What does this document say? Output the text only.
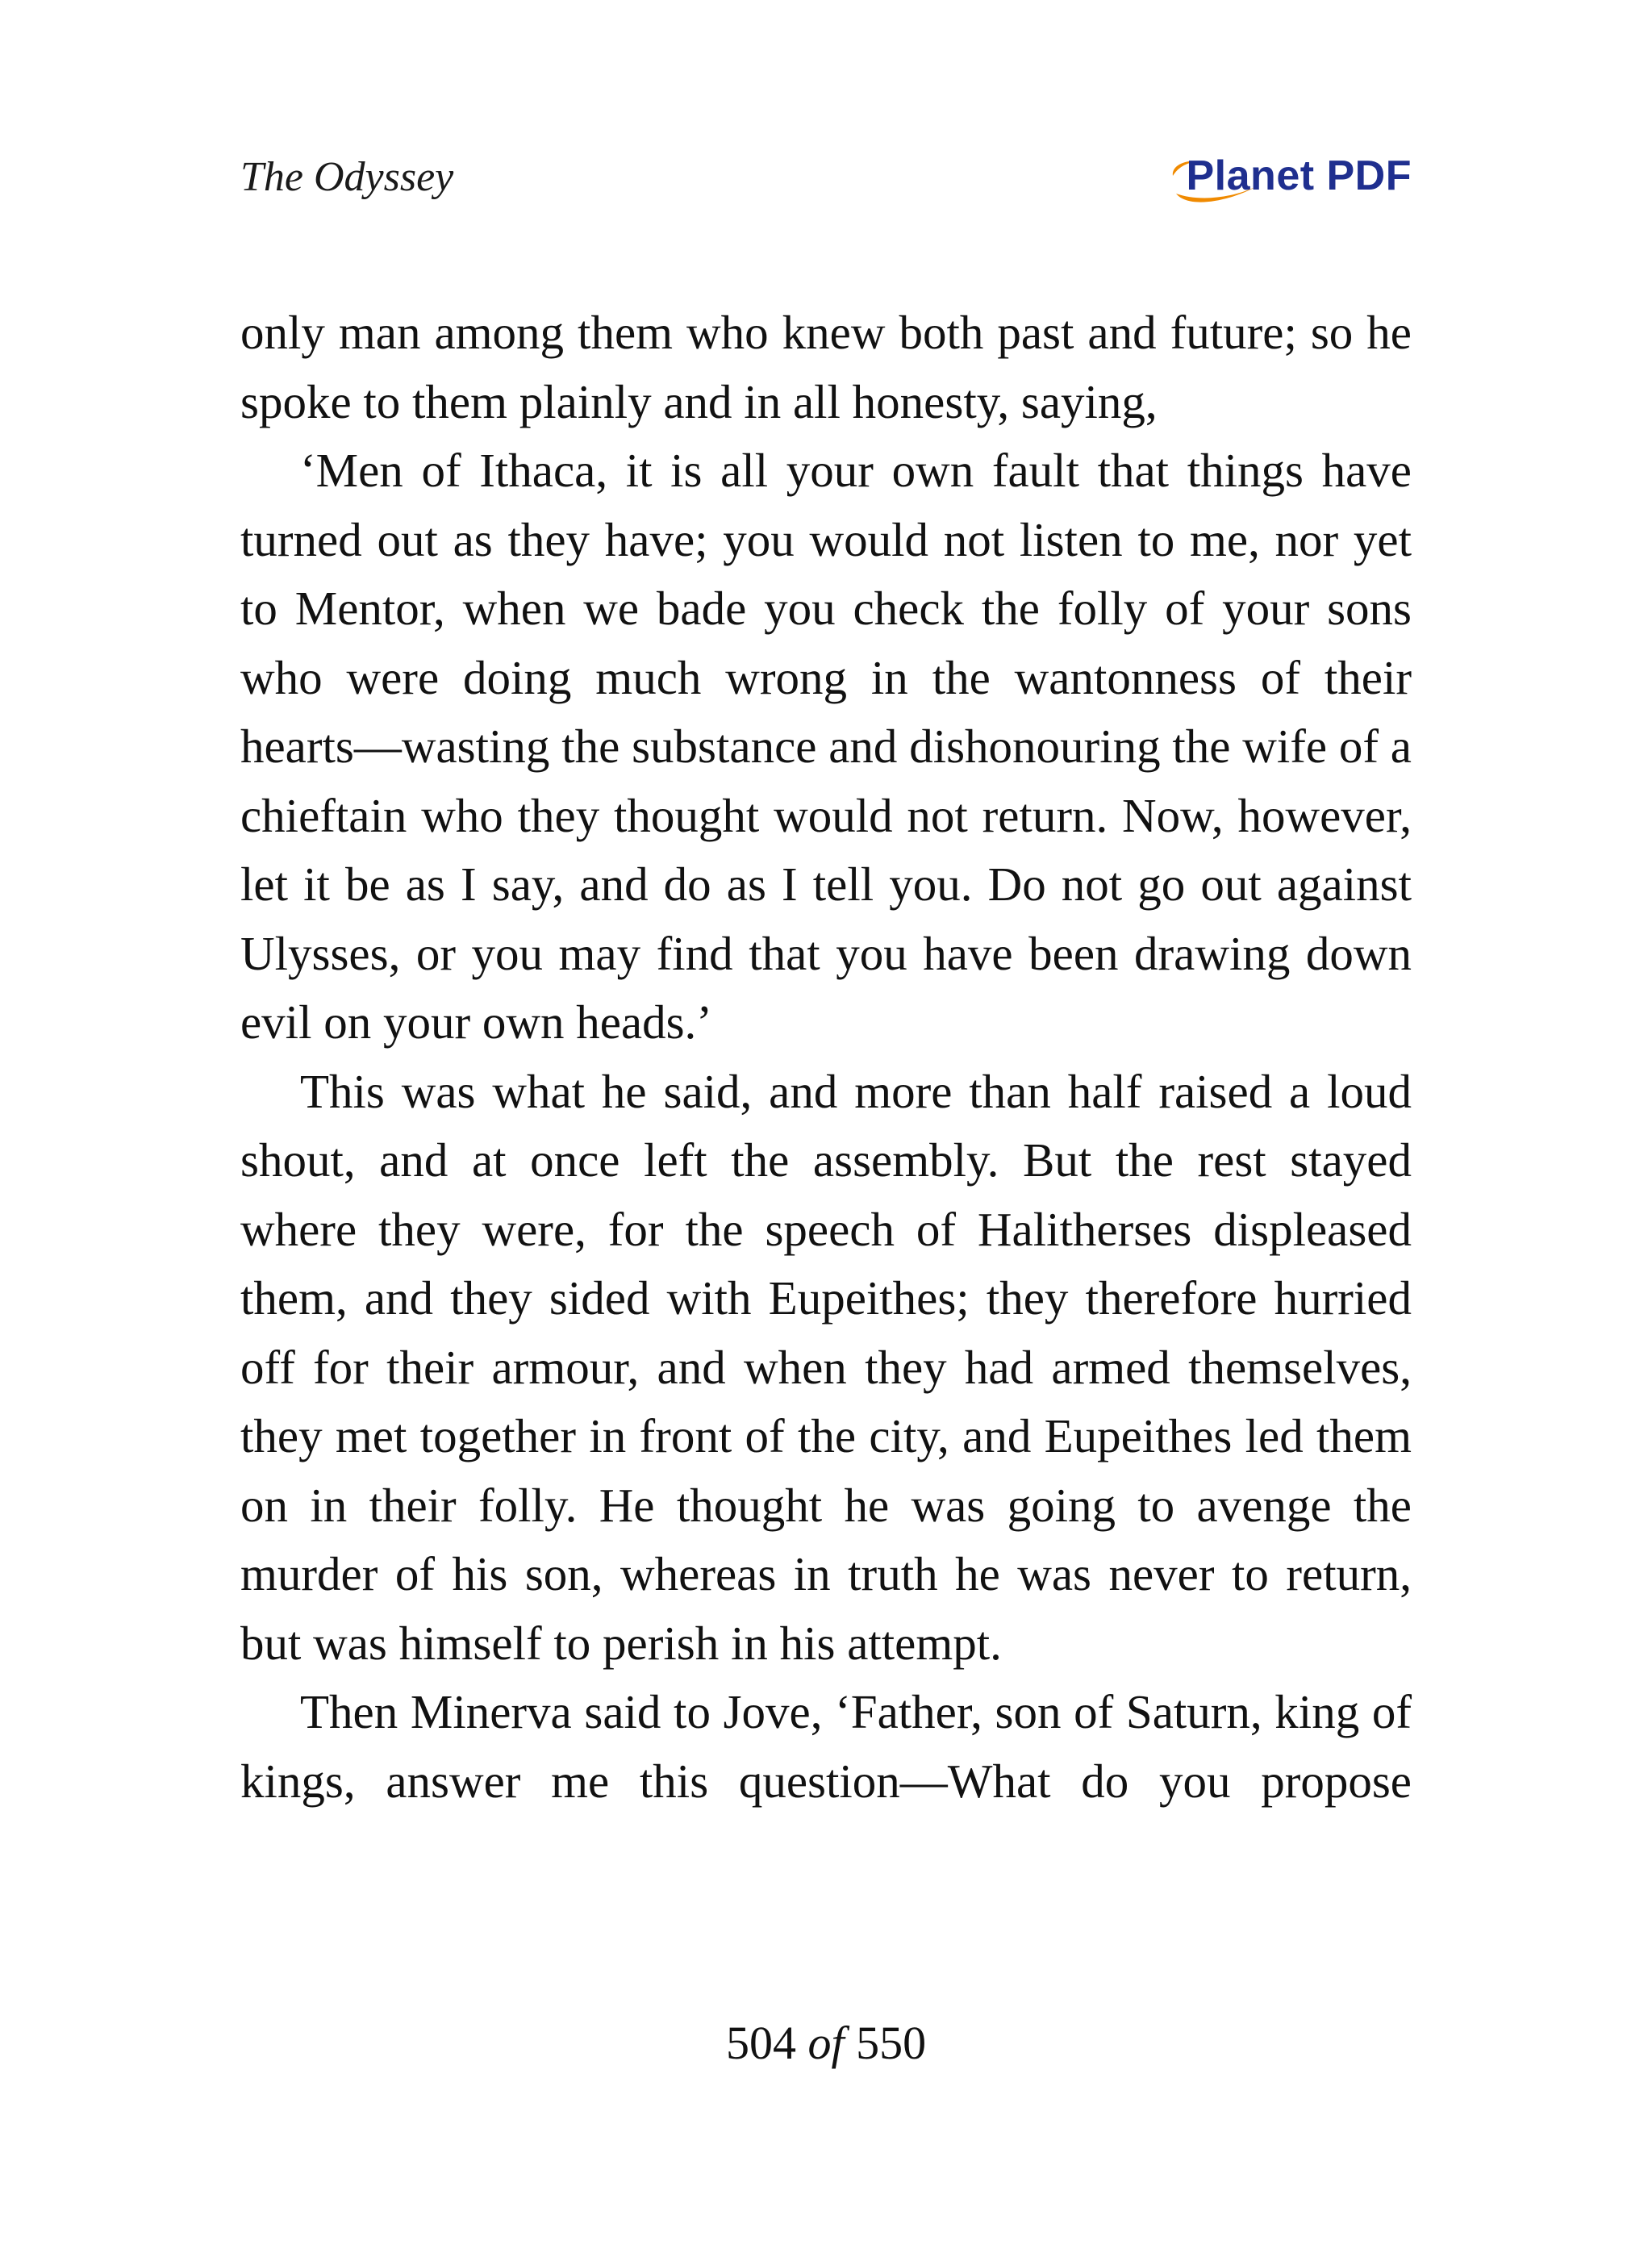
The Odyssey	Planet PDF

only man among them who knew both past and future; so he spoke to them plainly and in all honesty, saying,

‘Men of Ithaca, it is all your own fault that things have turned out as they have; you would not listen to me, nor yet to Mentor, when we bade you check the folly of your sons who were doing much wrong in the wantonness of their hearts—wasting the substance and dishonouring the wife of a chieftain who they thought would not return. Now, however, let it be as I say, and do as I tell you. Do not go out against Ulysses, or you may find that you have been drawing down evil on your own heads.’

This was what he said, and more than half raised a loud shout, and at once left the assembly. But the rest stayed where they were, for the speech of Halitherses displeased them, and they sided with Eupeithes; they therefore hurried off for their armour, and when they had armed themselves, they met together in front of the city, and Eupeithes led them on in their folly. He thought he was going to avenge the murder of his son, whereas in truth he was never to return, but was himself to perish in his attempt.

Then Minerva said to Jove, ‘Father, son of Saturn, king of kings, answer me this question—What do you propose

504 of 550
